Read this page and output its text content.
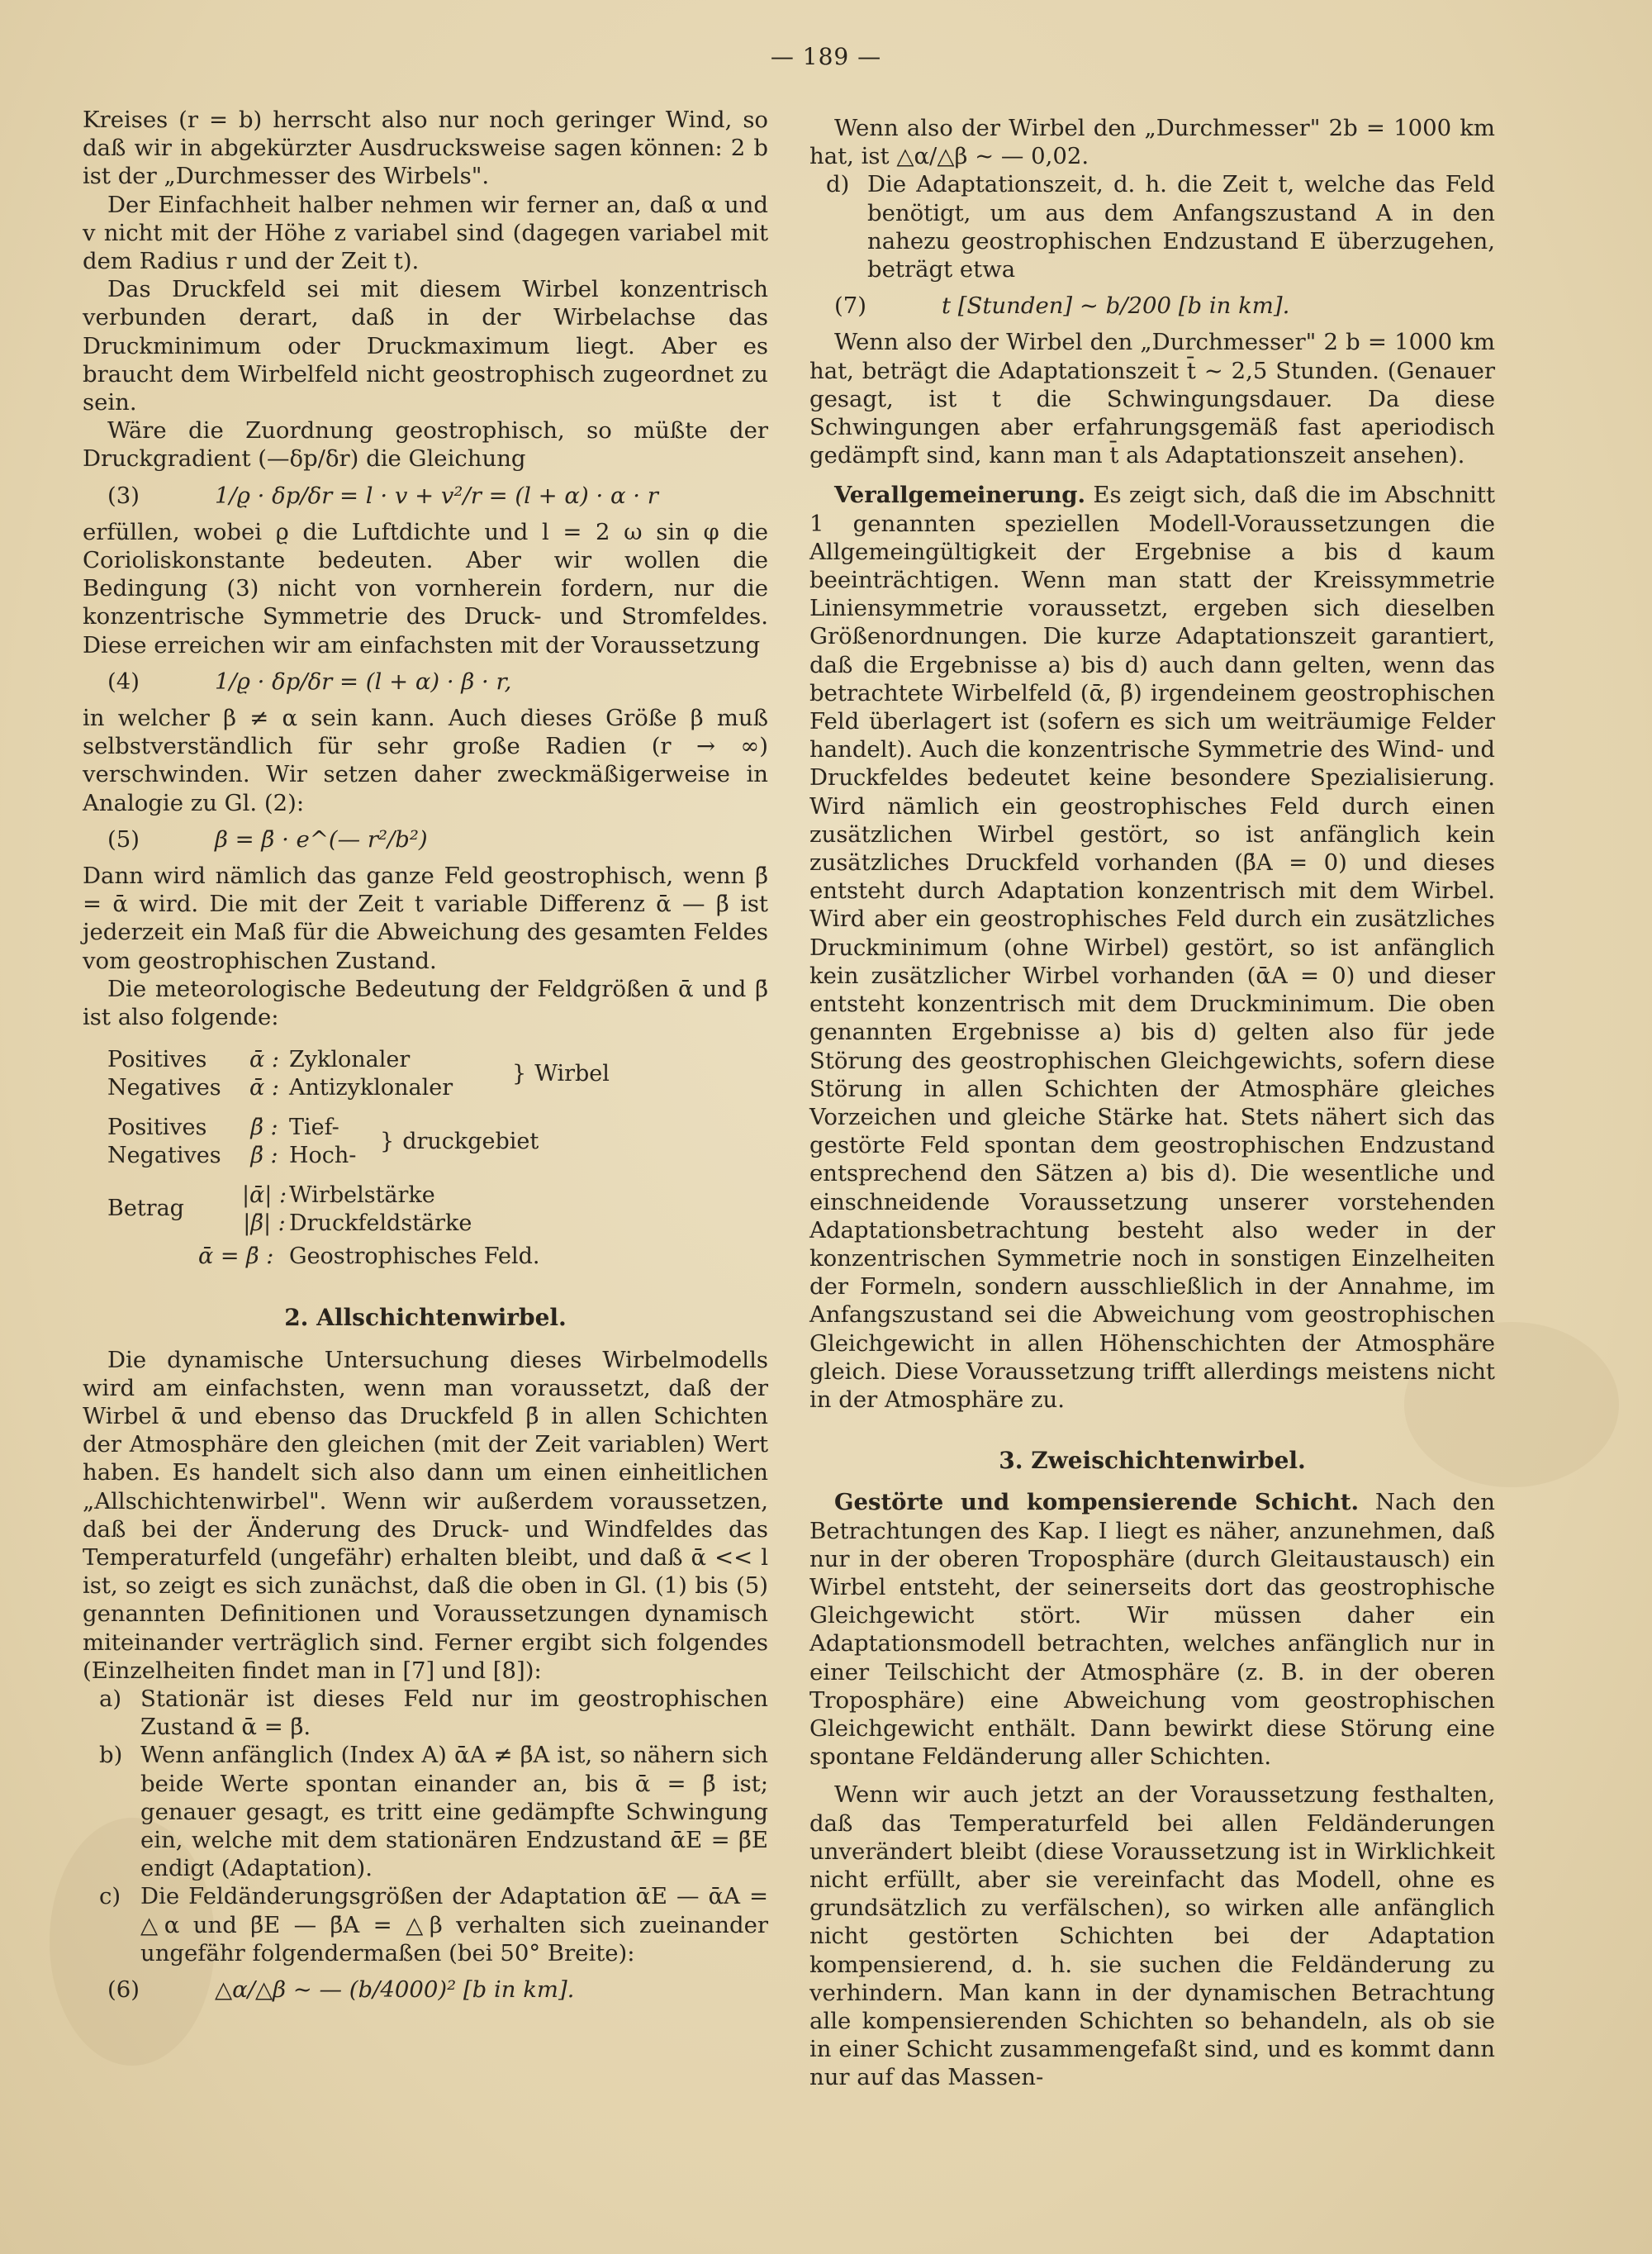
— 189 —

Kreises (r = b) herrscht also nur noch geringer Wind, so daß wir in abgekürzter Ausdrucksweise sagen können: 2 b ist der „Durchmesser des Wirbels".

Der Einfachheit halber nehmen wir ferner an, daß α und v nicht mit der Höhe z variabel sind (dagegen variabel mit dem Radius r und der Zeit t).

Das Druckfeld sei mit diesem Wirbel konzentrisch verbunden derart, daß in der Wirbelachse das Druckminimum oder Druckmaximum liegt. Aber es braucht dem Wirbelfeld nicht geostrophisch zugeordnet zu sein.

Wäre die Zuordnung geostrophisch, so müßte der Druckgradient (—δp/δr) die Gleichung

(3)	1/ϱ · δp/δr = l · v + v²/r = (l + α) · α · r

erfüllen, wobei ϱ die Luftdichte und l = 2 ω sin φ die Corioliskonstante bedeuten. Aber wir wollen die Bedingung (3) nicht von vornherein fordern, nur die konzentrische Symmetrie des Druck- und Stromfeldes. Diese erreichen wir am einfachsten mit der Voraussetzung

(4)	1/ϱ · δp/δr = (l + α) · β · r,

in welcher β ≠ α sein kann. Auch dieses Größe β muß selbstverständlich für sehr große Radien (r → ∞) verschwinden. Wir setzen daher zweckmäßigerweise in Analogie zu Gl. (2):

(5)	β = β̄ · e^(— r²/b²)

Dann wird nämlich das ganze Feld geostrophisch, wenn β̄ = ᾱ wird. Die mit der Zeit t variable Differenz ᾱ — β̄ ist jederzeit ein Maß für die Abweichung des gesamten Feldes vom geostrophischen Zustand.

Die meteorologische Bedeutung der Feldgrößen ᾱ und β̄ ist also folgende:

Positives	ᾱ : Zyklonaler
Negatives	ᾱ : Antizyklonaler
} Wirbel
Positives	β̄ : Tief-
Negatives	β̄ : Hoch-
} druckgebiet
Betrag
|ᾱ| : Wirbelstärke
|β̄| : Druckfeldstärke
ᾱ = β̄ : Geostrophisches Feld.
2. Allschichtenwirbel.

Die dynamische Untersuchung dieses Wirbelmodells wird am einfachsten, wenn man voraussetzt, daß der Wirbel ᾱ und ebenso das Druckfeld β̄ in allen Schichten der Atmosphäre den gleichen (mit der Zeit variablen) Wert haben. Es handelt sich also dann um einen einheitlichen „Allschichtenwirbel". Wenn wir außerdem voraussetzen, daß bei der Änderung des Druck- und Windfeldes das Temperaturfeld (ungefähr) erhalten bleibt, und daß ᾱ << l ist, so zeigt es sich zunächst, daß die oben in Gl. (1) bis (5) genannten Definitionen und Voraussetzungen dynamisch miteinander verträglich sind. Ferner ergibt sich folgendes (Einzelheiten findet man in [7] und [8]):

a) Stationär ist dieses Feld nur im geostrophischen Zustand ᾱ = β̄.
b) Wenn anfänglich (Index A) ᾱA ≠ β̄A ist, so nähern sich beide Werte spontan einander an, bis ᾱ = β̄ ist; genauer gesagt, es tritt eine gedämpfte Schwingung ein, welche mit dem stationären Endzustand ᾱE = β̄E endigt (Adaptation).
c) Die Feldänderungsgrößen der Adaptation ᾱE — ᾱA = △α und β̄E — β̄A = △β verhalten sich zueinander ungefähr folgendermaßen (bei 50° Breite):
(6)	△α/△β ~ — (b/4000)² [b in km].

Wenn also der Wirbel den „Durchmesser" 2b = 1000 km hat, ist △α/△β ~ — 0,02.

d) Die Adaptationszeit, d. h. die Zeit t, welche das Feld benötigt, um aus dem Anfangszustand A in den nahezu geostrophischen Endzustand E überzugehen, beträgt etwa
(7)	t [Stunden] ~ b/200 [b in km].

Wenn also der Wirbel den „Durchmesser" 2 b = 1000 km hat, beträgt die Adaptationszeit t̄ ~ 2,5 Stunden. (Genauer gesagt, ist t die Schwingungsdauer. Da diese Schwingungen aber erfahrungsgemäß fast aperiodisch gedämpft sind, kann man t̄ als Adaptationszeit ansehen).

Verallgemeinerung. Es zeigt sich, daß die im Abschnitt 1 genannten speziellen Modell-Voraussetzungen die Allgemeingültigkeit der Ergebnise a bis d kaum beeinträchtigen. Wenn man statt der Kreissymmetrie Liniensymmetrie voraussetzt, ergeben sich dieselben Größenordnungen. Die kurze Adaptationszeit garantiert, daß die Ergebnisse a) bis d) auch dann gelten, wenn das betrachtete Wirbelfeld (ᾱ, β̄) irgendeinem geostrophischen Feld überlagert ist (sofern es sich um weiträumige Felder handelt). Auch die konzentrische Symmetrie des Wind- und Druckfeldes bedeutet keine besondere Spezialisierung. Wird nämlich ein geostrophisches Feld durch einen zusätzlichen Wirbel gestört, so ist anfänglich kein zusätzliches Druckfeld vorhanden (β̄A = 0) und dieses entsteht durch Adaptation konzentrisch mit dem Wirbel. Wird aber ein geostrophisches Feld durch ein zusätzliches Druckminimum (ohne Wirbel) gestört, so ist anfänglich kein zusätzlicher Wirbel vorhanden (ᾱA = 0) und dieser entsteht konzentrisch mit dem Druckminimum. Die oben genannten Ergebnisse a) bis d) gelten also für jede Störung des geostrophischen Gleichgewichts, sofern diese Störung in allen Schichten der Atmosphäre gleiches Vorzeichen und gleiche Stärke hat. Stets nähert sich das gestörte Feld spontan dem geostrophischen Endzustand entsprechend den Sätzen a) bis d). Die wesentliche und einschneidende Voraussetzung unserer vorstehenden Adaptationsbetrachtung besteht also weder in der konzentrischen Symmetrie noch in sonstigen Einzelheiten der Formeln, sondern ausschließlich in der Annahme, im Anfangszustand sei die Abweichung vom geostrophischen Gleichgewicht in allen Höhenschichten der Atmosphäre gleich. Diese Voraussetzung trifft allerdings meistens nicht in der Atmosphäre zu.

3. Zweischichtenwirbel.

Gestörte und kompensierende Schicht. Nach den Betrachtungen des Kap. I liegt es näher, anzunehmen, daß nur in der oberen Troposphäre (durch Gleitaustausch) ein Wirbel entsteht, der seinerseits dort das geostrophische Gleichgewicht stört. Wir müssen daher ein Adaptationsmodell betrachten, welches anfänglich nur in einer Teilschicht der Atmosphäre (z. B. in der oberen Troposphäre) eine Abweichung vom geostrophischen Gleichgewicht enthält. Dann bewirkt diese Störung eine spontane Feldänderung aller Schichten.

Wenn wir auch jetzt an der Voraussetzung festhalten, daß das Temperaturfeld bei allen Feldänderungen unverändert bleibt (diese Voraussetzung ist in Wirklichkeit nicht erfüllt, aber sie vereinfacht das Modell, ohne es grundsätzlich zu verfälschen), so wirken alle anfänglich nicht gestörten Schichten bei der Adaptation kompensierend, d. h. sie suchen die Feldänderung zu verhindern. Man kann in der dynamischen Betrachtung alle kompensierenden Schichten so behandeln, als ob sie in einer Schicht zusammengefaßt sind, und es kommt dann nur auf das Massen-
